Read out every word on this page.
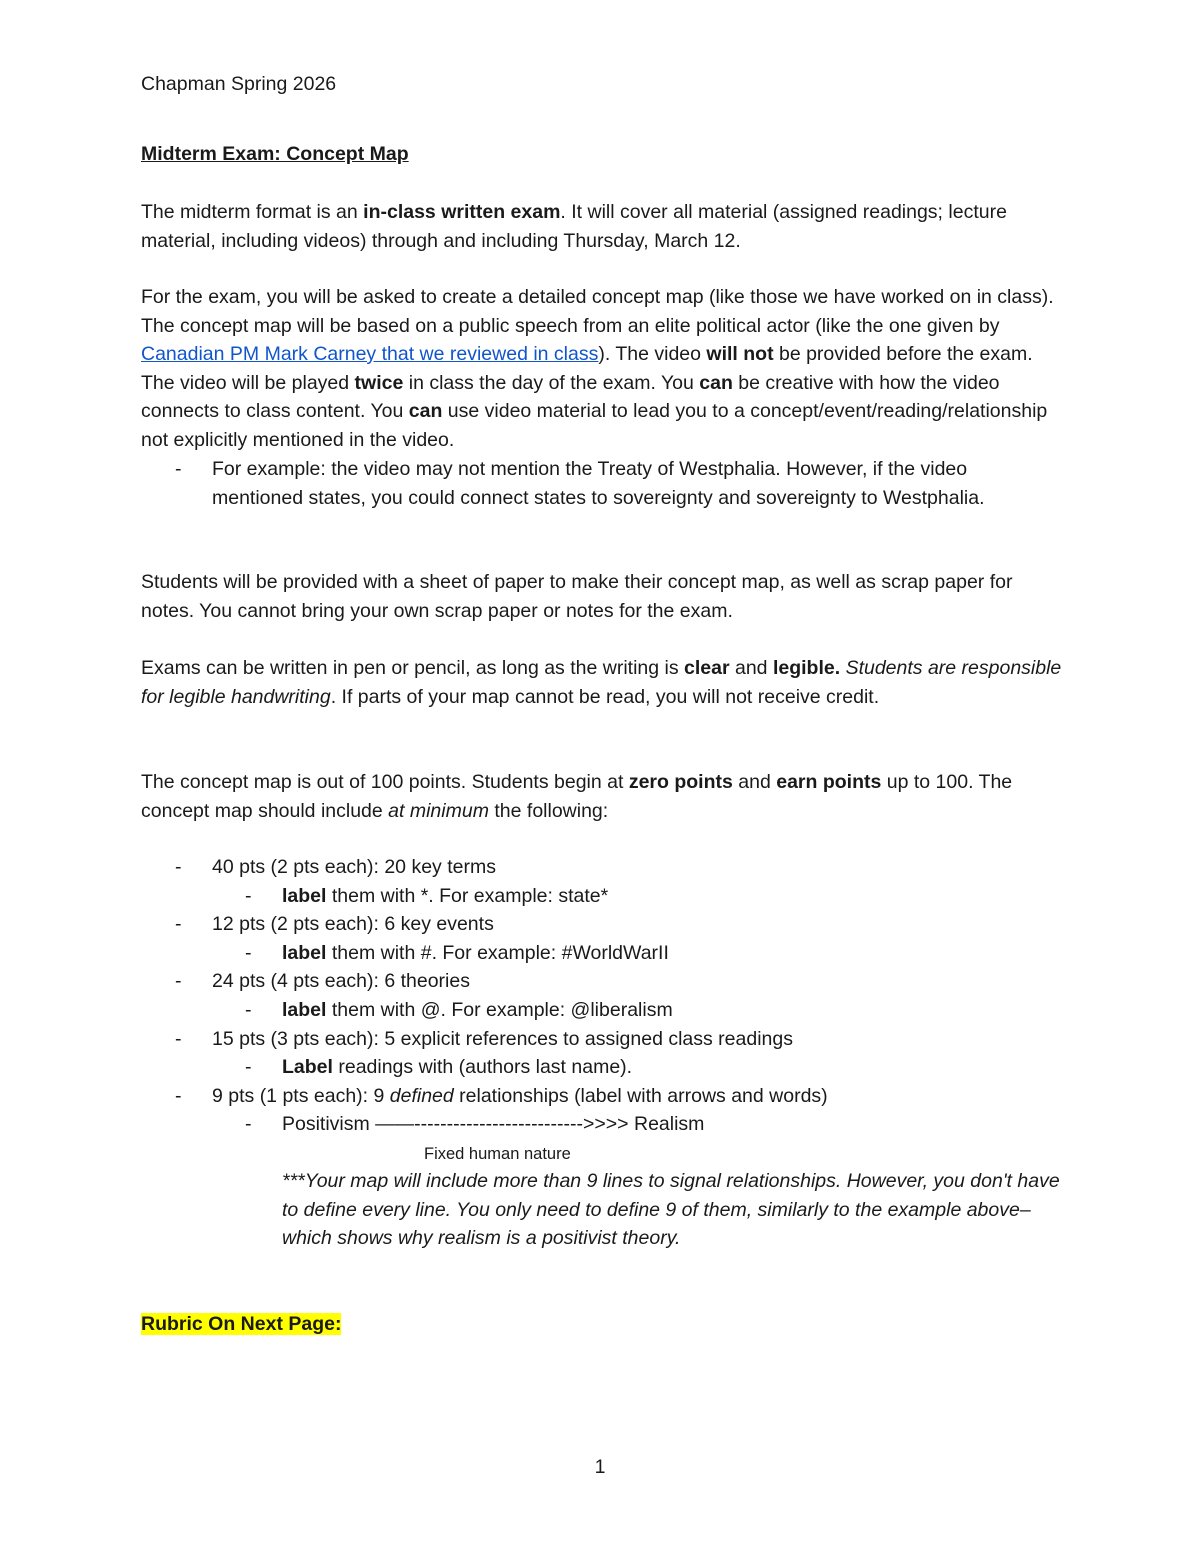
Chapman Spring 2026
Midterm Exam: Concept Map

The midterm format is an in-class written exam. It will cover all material (assigned readings; lecture material, including videos) through and including Thursday, March 12.

For the exam, you will be asked to create a detailed concept map (like those we have worked on in class). The concept map will be based on a public speech from an elite political actor (like the one given by Canadian PM Mark Carney that we reviewed in class). The video will not be provided before the exam. The video will be played twice in class the day of the exam. You can be creative with how the video connects to class content. You can use video material to lead you to a concept/event/reading/relationship not explicitly mentioned in the video.

- For example: the video may not mention the Treaty of Westphalia. However, if the video mentioned states, you could connect states to sovereignty and sovereignty to Westphalia.

Students will be provided with a sheet of paper to make their concept map, as well as scrap paper for notes. You cannot bring your own scrap paper or notes for the exam.

Exams can be written in pen or pencil, as long as the writing is clear and legible. Students are responsible for legible handwriting. If parts of your map cannot be read, you will not receive credit.

The concept map is out of 100 points. Students begin at zero points and earn points up to 100. The concept map should include at minimum the following:

- 40 pts (2 pts each): 20 key terms
- label them with *. For example: state*
- 12 pts (2 pts each): 6 key events
- label them with #. For example: #WorldWarII
- 24 pts (4 pts each): 6 theories
- label them with @. For example: @liberalism
- 15 pts (3 pts each): 5 explicit references to assigned class readings
- Label readings with (authors last name).
- 9 pts (1 pts each): 9 defined relationships (label with arrows and words)
- Positivism ——-------------------------->>>> Realism
Fixed human nature
***Your map will include more than 9 lines to signal relationships. However, you don't have to define every line. You only need to define 9 of them, similarly to the example above–which shows why realism is a positivist theory.
Rubric On Next Page:
1
